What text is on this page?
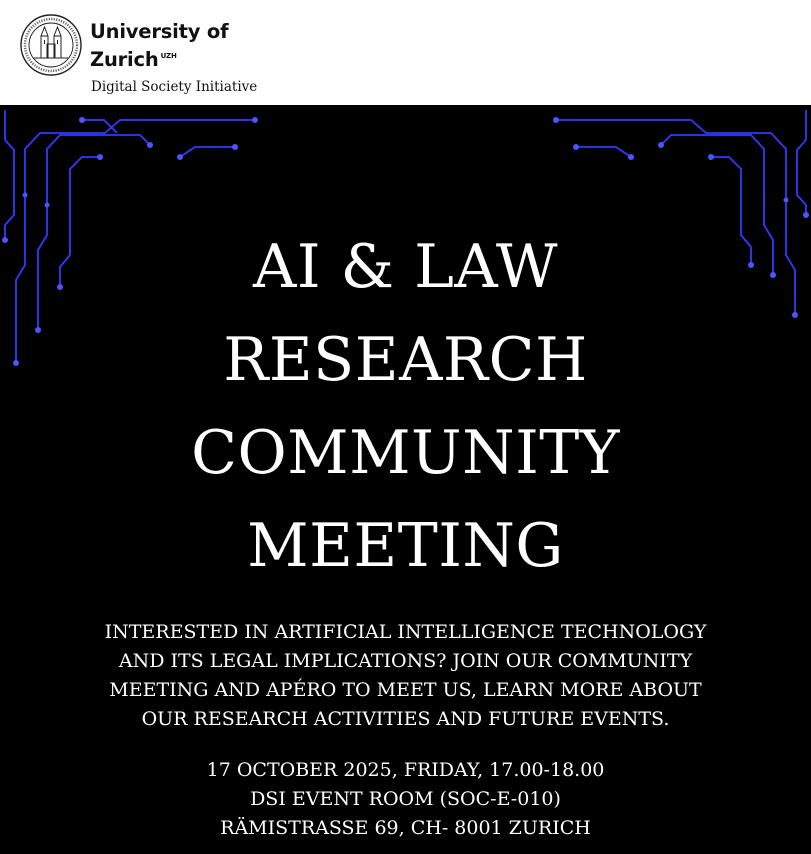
University of
Zurich $^{UZH}$
Digital Society Initiative
AI & LAW
RESEARCH
COMMUNITY
MEETING
INTERESTED IN ARTIFICIAL INTELLIGENCE TECHNOLOGY
AND ITS LEGAL IMPLICATIONS? JOIN OUR COMMUNITY
MEETING AND APÉRO TO MEET US, LEARN MORE ABOUT
OUR RESEARCH ACTIVITIES AND FUTURE EVENTS.
17 OCTOBER 2025, FRIDAY, 17.00-18.00
DSI EVENT ROOM (SOC-E-010)
RÄMISTRASSE 69, CH- 8001 ZURICH
